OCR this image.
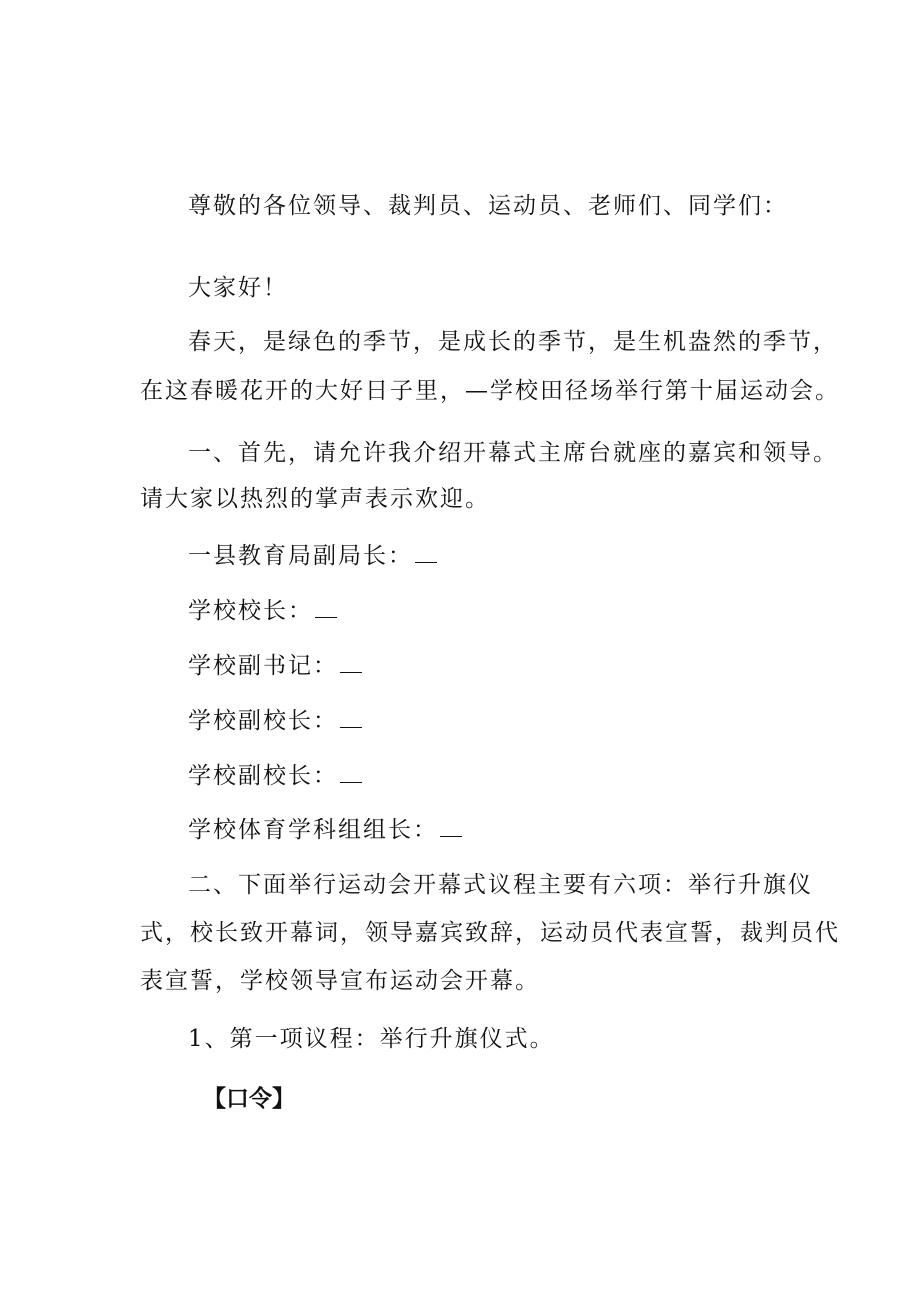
尊敬的各位领导、裁判员、运动员、老师们、同学们：
大家好！
春天，是绿色的季节，是成长的季节，是生机盎然的季节，
在这春暖花开的大好日子里，—学校田径场举行第十届运动会。
一、首先，请允许我介绍开幕式主席台就座的嘉宾和领导。
请大家以热烈的掌声表示欢迎。
一县教育局副局长：
学校校长：
学校副书记：
学校副校长：
学校副校长：
学校体育学科组组长：
二、下面举行运动会开幕式议程主要有六项：举行升旗仪
式，校长致开幕词，领导嘉宾致辞，运动员代表宣誓，裁判员代
表宣誓，学校领导宣布运动会开幕。
1、第一项议程：举行升旗仪式。
【口令】
